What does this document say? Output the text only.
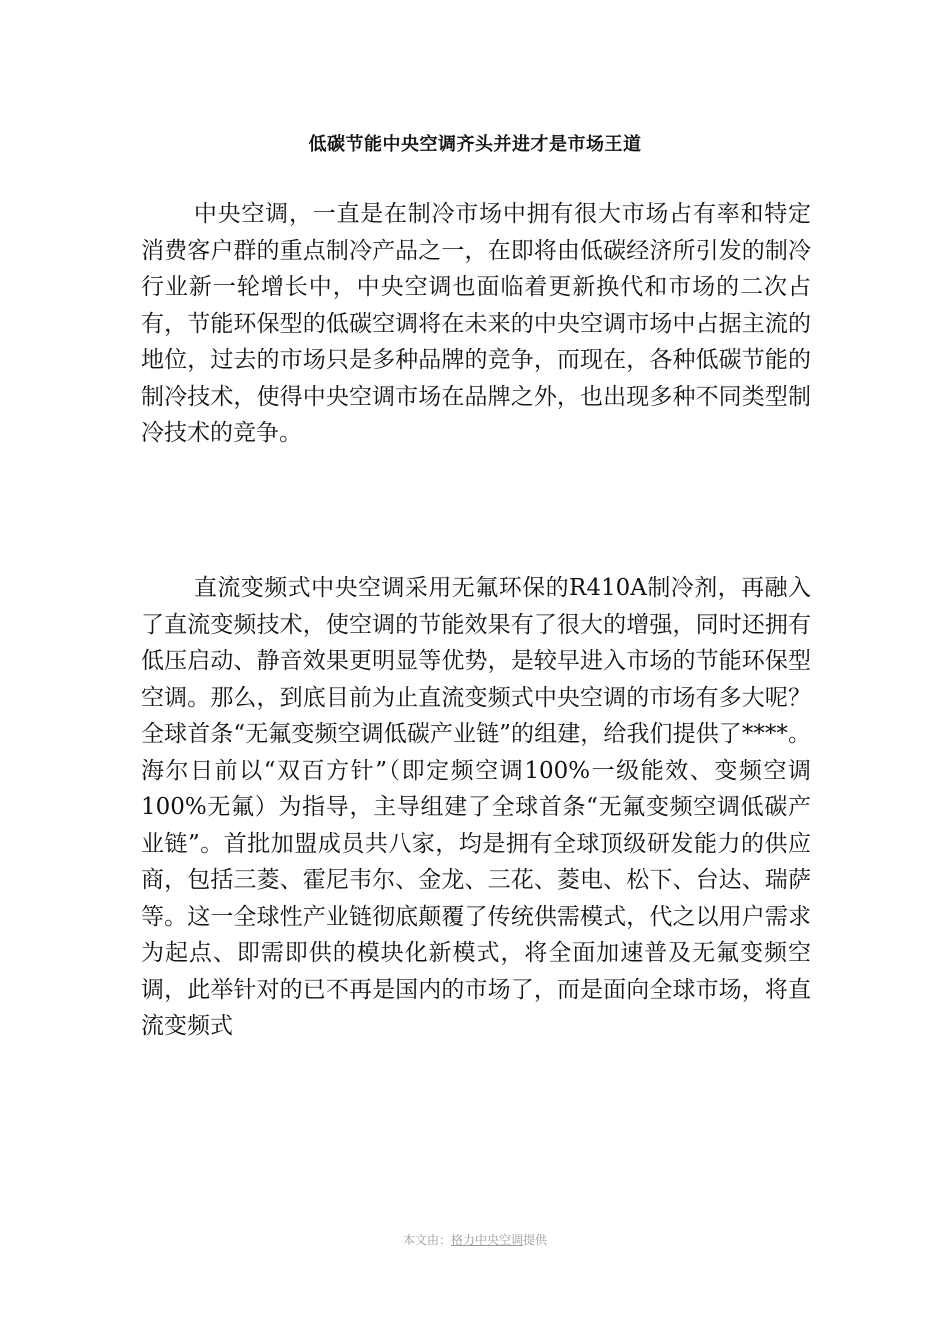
低碳节能中央空调齐头并进才是市场王道

中央空调，一直是在制冷市场中拥有很大市场占有率和特定消费客户群的重点制冷产品之一，在即将由低碳经济所引发的制冷行业新一轮增长中，中央空调也面临着更新换代和市场的二次占有，节能环保型的低碳空调将在未来的中央空调市场中占据主流的地位，过去的市场只是多种品牌的竞争，而现在，各种低碳节能的制冷技术，使得中央空调市场在品牌之外，也出现多种不同类型制冷技术的竞争。

直流变频式中央空调采用无氟环保的R410A制冷剂，再融入了直流变频技术，使空调的节能效果有了很大的增强，同时还拥有低压启动、静音效果更明显等优势，是较早进入市场的节能环保型空调。那么，到底目前为止直流变频式中央空调的市场有多大呢？全球首条“无氟变频空调低碳产业链”的组建，给我们提供了****。海尔日前以“双百方针”（即定频空调100%一级能效、变频空调100%无氟）为指导，主导组建了全球首条“无氟变频空调低碳产业链”。首批加盟成员共八家，均是拥有全球顶级研发能力的供应商，包括三菱、霍尼韦尔、金龙、三花、菱电、松下、台达、瑞萨等。这一全球性产业链彻底颠覆了传统供需模式，代之以用户需求为起点、即需即供的模块化新模式，将全面加速普及无氟变频空调，此举针对的已不再是国内的市场了，而是面向全球市场，将直流变频式

本文由：格力中央空调提供
